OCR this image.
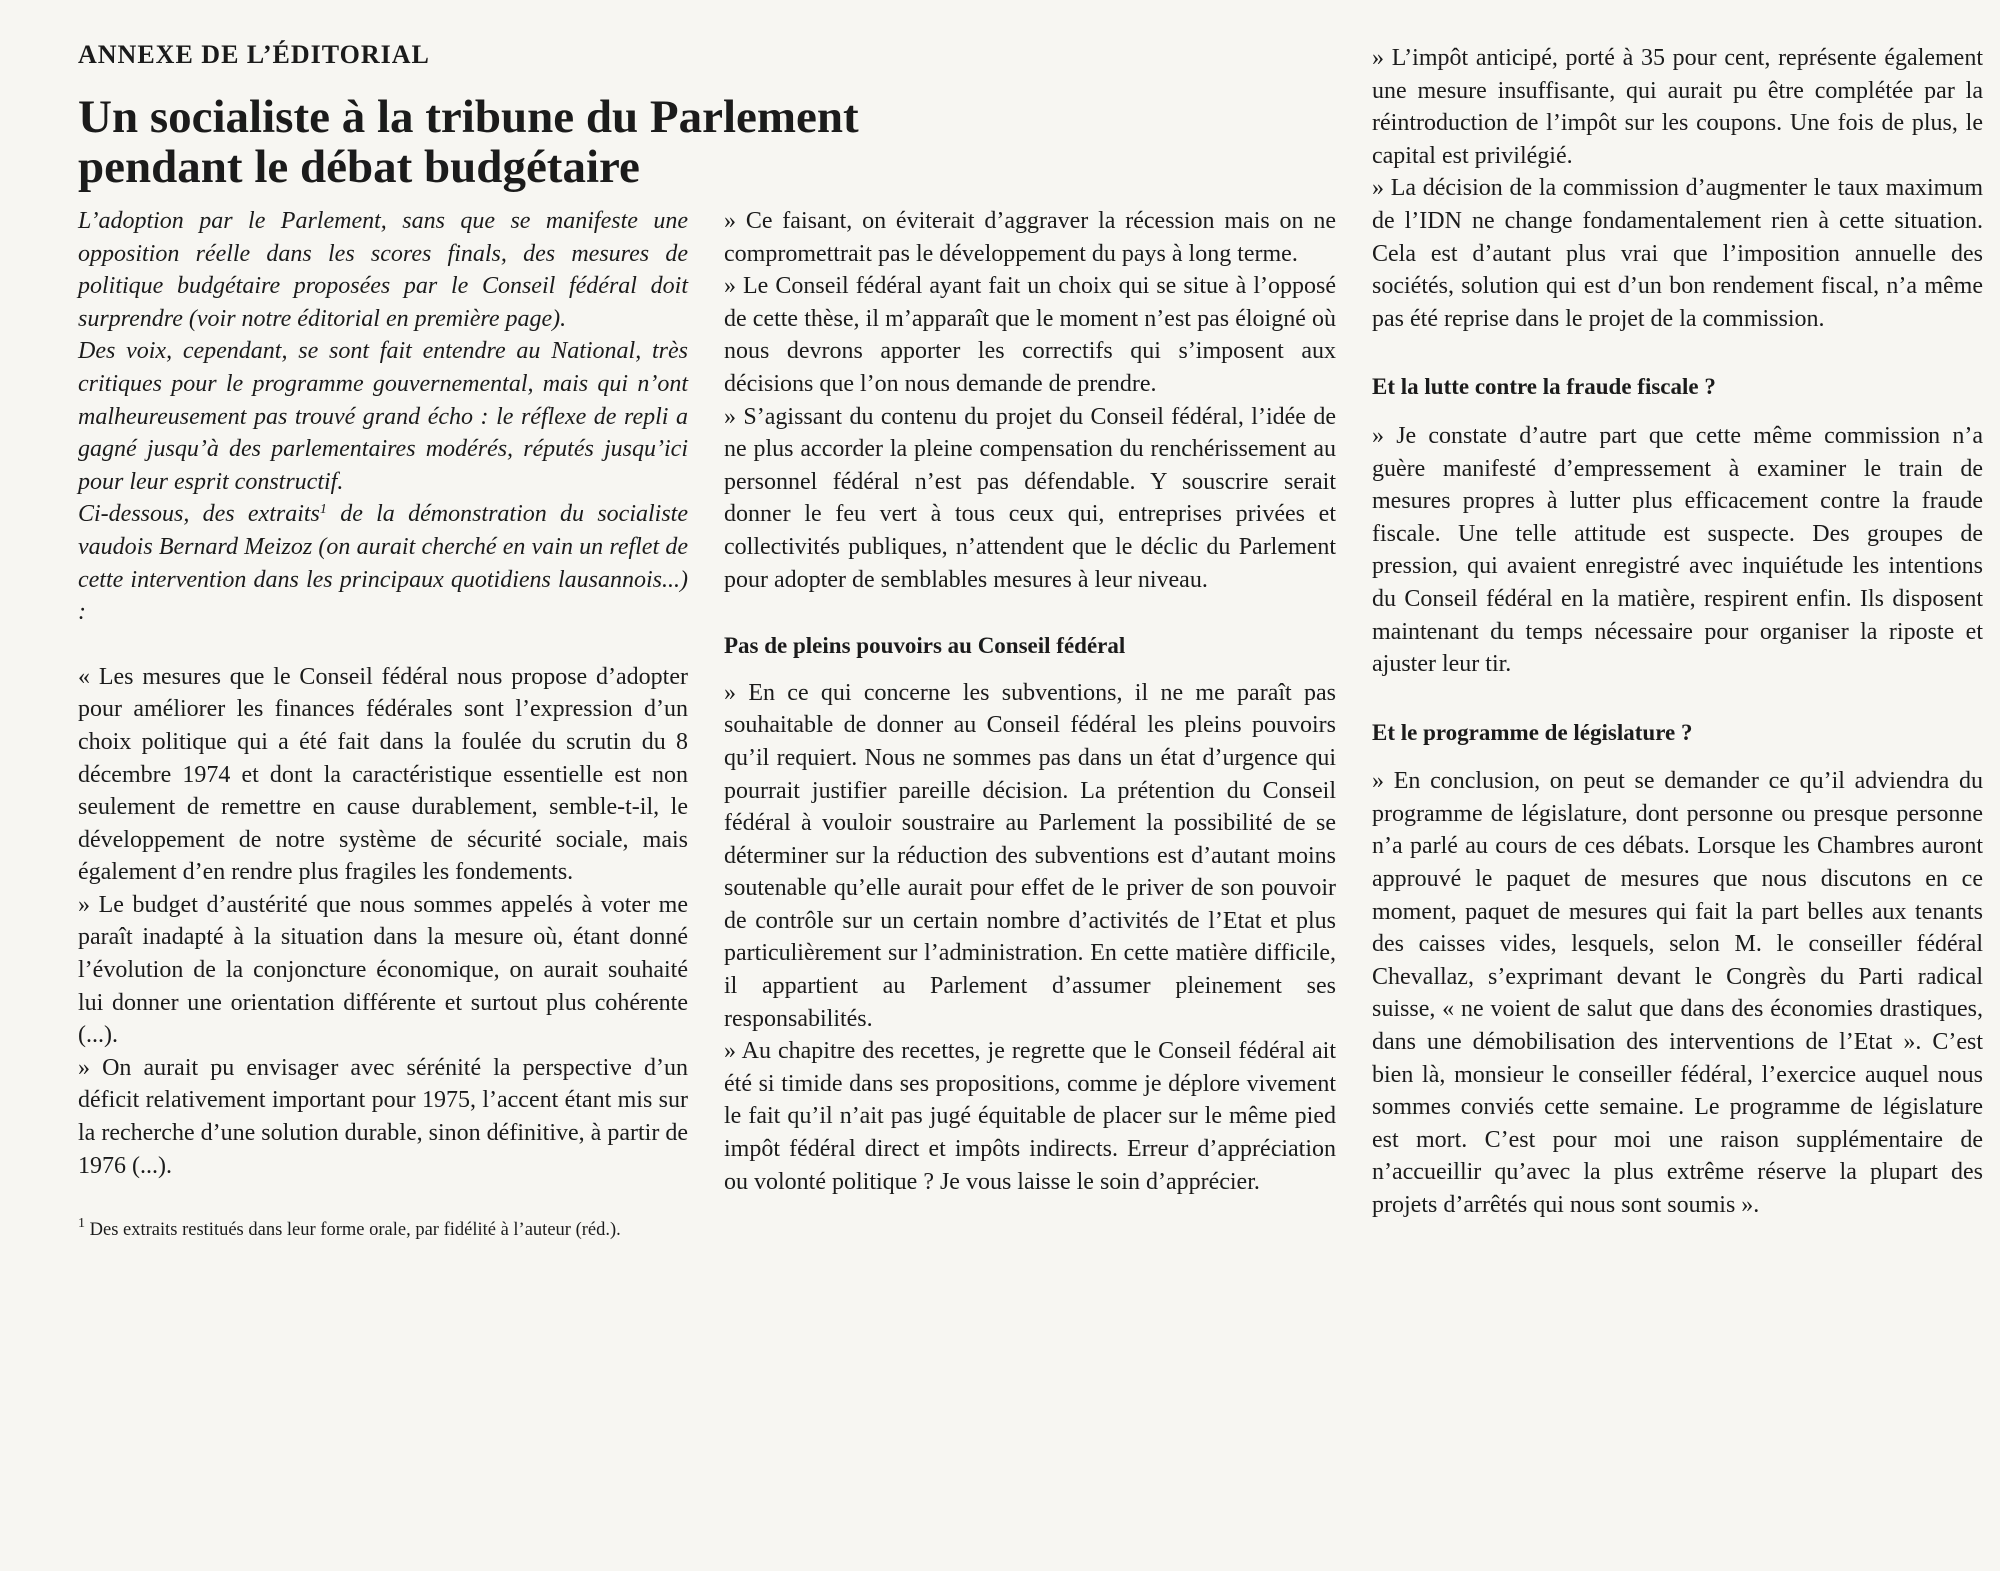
ANNEXE DE L’ÉDITORIAL
Un socialiste à la tribune du Parlement
pendant le débat budgétaire

L’adoption par le Parlement, sans que se manifeste une opposition réelle dans les scores finals, des mesures de politique budgétaire proposées par le Conseil fédéral doit surprendre (voir notre éditorial en première page).

Des voix, cependant, se sont fait entendre au National, très critiques pour le programme gouvernemental, mais qui n’ont malheureusement pas trouvé grand écho : le réflexe de repli a gagné jusqu’à des parlementaires modérés, réputés jusqu’ici pour leur esprit constructif.

Ci-dessous, des extraits$^1$ de la démonstration du socialiste vaudois Bernard Meizoz (on aurait cherché en vain un reflet de cette intervention dans les principaux quotidiens lausannois...) :

« Les mesures que le Conseil fédéral nous propose d’adopter pour améliorer les finances fédérales sont l’expression d’un choix politique qui a été fait dans la foulée du scrutin du 8 décembre 1974 et dont la caractéristique essentielle est non seulement de remettre en cause durablement, semble-t-il, le développement de notre système de sécurité sociale, mais également d’en rendre plus fragiles les fondements.

» Le budget d’austérité que nous sommes appelés à voter me paraît inadapté à la situation dans la mesure où, étant donné l’évolution de la conjoncture économique, on aurait souhaité lui donner une orientation différente et surtout plus cohérente (...).

» On aurait pu envisager avec sérénité la perspective d’un déficit relativement important pour 1975, l’accent étant mis sur la recherche d’une solution durable, sinon définitive, à partir de 1976 (...).

$^1$ Des extraits restitués dans leur forme orale, par fidélité à l’auteur (réd.).

» Ce faisant, on éviterait d’aggraver la récession mais on ne compromettrait pas le développement du pays à long terme.

» Le Conseil fédéral ayant fait un choix qui se situe à l’opposé de cette thèse, il m’apparaît que le moment n’est pas éloigné où nous devrons apporter les correctifs qui s’imposent aux décisions que l’on nous demande de prendre.

» S’agissant du contenu du projet du Conseil fédéral, l’idée de ne plus accorder la pleine compensation du renchérissement au personnel fédéral n’est pas défendable. Y souscrire serait donner le feu vert à tous ceux qui, entreprises privées et collectivités publiques, n’attendent que le déclic du Parlement pour adopter de semblables mesures à leur niveau.

Pas de pleins pouvoirs au Conseil fédéral

» En ce qui concerne les subventions, il ne me paraît pas souhaitable de donner au Conseil fédéral les pleins pouvoirs qu’il requiert. Nous ne sommes pas dans un état d’urgence qui pourrait justifier pareille décision. La prétention du Conseil fédéral à vouloir soustraire au Parlement la possibilité de se déterminer sur la réduction des subventions est d’autant moins soutenable qu’elle aurait pour effet de le priver de son pouvoir de contrôle sur un certain nombre d’activités de l’Etat et plus particulièrement sur l’administration. En cette matière difficile, il appartient au Parlement d’assumer pleinement ses responsabilités.

» Au chapitre des recettes, je regrette que le Conseil fédéral ait été si timide dans ses propositions, comme je déplore vivement le fait qu’il n’ait pas jugé équitable de placer sur le même pied impôt fédéral direct et impôts indirects. Erreur d’appréciation ou volonté politique ? Je vous laisse le soin d’apprécier.

» L’impôt anticipé, porté à 35 pour cent, représente également une mesure insuffisante, qui aurait pu être complétée par la réintroduction de l’impôt sur les coupons. Une fois de plus, le capital est privilégié.

» La décision de la commission d’augmenter le taux maximum de l’IDN ne change fondamentalement rien à cette situation. Cela est d’autant plus vrai que l’imposition annuelle des sociétés, solution qui est d’un bon rendement fiscal, n’a même pas été reprise dans le projet de la commission.

Et la lutte contre la fraude fiscale ?

» Je constate d’autre part que cette même commission n’a guère manifesté d’empressement à examiner le train de mesures propres à lutter plus efficacement contre la fraude fiscale. Une telle attitude est suspecte. Des groupes de pression, qui avaient enregistré avec inquiétude les intentions du Conseil fédéral en la matière, respirent enfin. Ils disposent maintenant du temps nécessaire pour organiser la riposte et ajuster leur tir.

Et le programme de législature ?

» En conclusion, on peut se demander ce qu’il adviendra du programme de législature, dont personne ou presque personne n’a parlé au cours de ces débats. Lorsque les Chambres auront approuvé le paquet de mesures que nous discutons en ce moment, paquet de mesures qui fait la part belles aux tenants des caisses vides, lesquels, selon M. le conseiller fédéral Chevallaz, s’exprimant devant le Congrès du Parti radical suisse, « ne voient de salut que dans des économies drastiques, dans une démobilisation des interventions de l’Etat ». C’est bien là, monsieur le conseiller fédéral, l’exercice auquel nous sommes conviés cette semaine. Le programme de législature est mort. C’est pour moi une raison supplémentaire de n’accueillir qu’avec la plus extrême réserve la plupart des projets d’arrêtés qui nous sont soumis ».
